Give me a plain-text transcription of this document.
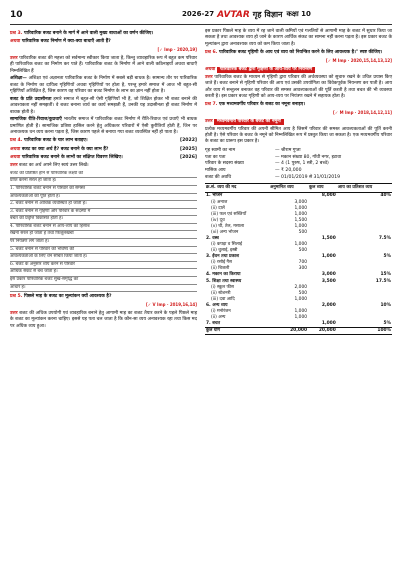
10	2026-27 AVTAR गृह विज्ञान कक्षा 10

प्रश्न 3. पारिवारिक बजट बनाने के मार्ग में आने वाली मुख्य बाधाओं का वर्णन कीजिए।

अथवा पारिवारिक बजट निर्माण में क्या-क्या बाधाएँ आती हैं?

[✓ Imp · 2020,19]

उत्तर पारिवारिक बजट की महत्ता को सर्वमान्य स्वीकार किया जाता है, किन्तु व्यावहारिक रूप में बहुत कम परिवार ही पारिवारिक बजट का निर्माण कर पाते हैं। पारिवारिक बजट के निर्माण में आने वाली कठिनाइयाँ अथवा बाधाएँ निम्नलिखित हैं

अशिक्षा— अशिक्षा एवं अज्ञानता पारिवारिक बजट के निर्माण में सबसे बड़ी बाधक है। सामान्य तौर पर पारिवारिक बजट के निर्माण का दायित्व गृहिणियों अथवा गृहिणियों पर होता है, परन्तु हमारे समाज में आज भी बहुत-सी गृहिणियाँ अशिक्षित हैं, जिस कारण वह परिवार का बजट निर्माण के लाभ का ज्ञान नहीं होता है।

बजट के प्रति उदासीनता हमारे समाज में बहुत-सी ऐसी गृहिणियाँ भी हैं, जो शिक्षित होकर भी बजट बनाने की आवश्यकता नहीं समझतीं। वे बजट बनाना व्यर्थ का कार्य समझती हैं, उनकी यह उदासीनता ही बजट निर्माण में बाधक होती है।

सामाजिक रीति-रिवाज/कुप्रथाएँ भारतीय समाज में पारिवारिक बजट निर्माण में रीति-रिवाज एवं प्रथाएँ भी बाधक प्रमाणित होती हैं। सामाजिक प्रतिष्ठा हासिल करने हेतु अधिकतर परिवारों में ऐसी कुरीतियाँ होती हैं, जिन पर अनावश्यक धन व्यय करना पड़ता है, जिस कारण पहले से बनाया गया बजट व्यवस्थित नहीं हो पाता है।

प्रश्न 4. पारिवारिक बजट के चार लाभ बताइए।	[2022]

अथवा बजट का क्या अर्थ है? बजट बनाने के क्या लाभ हैं?	[2025]

अथवा पारिवारिक बजट बनाने के लाभों का संक्षिप्त विवरण लिखिए।	[2026]

उत्तर बजट का अर्थ अपने लिए स्वयं उत्तर लिखें।

बजट की प्रतिष्ठित होने से पारिवारिक लक्ष्यों को
प्राप्त करना सरल हो जाता है।
1. पारिवारिक बजट बनाने से परिवार की समस्त
आवश्यकताओं की पूर्ति होती है।
2. बजट बनाने से आर्थिक व्यवस्थित हो जाती है।
3. बजट बनाने से गृहिणी और परिवार के सदस्यों में
बचत की प्रवृत्ति विकसित होती है।
4. पारिवारिक बजट बनाने से आय-व्यय का हिसाब
रखना सरल हो जाता है तथा फिजूलखर्ची
पर नियंत्रण लग जाता है।
5. बजट बनाने से परिवार की भविष्य की
आवश्यकताओं के लिए धन संचित किया जाता है।
6. बजट के अनुसार व्यय करने से परिवार
आर्थिक संकट से बच जाता है।
इस प्रकार पारिवारिक बजट सुख-समृद्धि का
आधार है।

प्रश्न 5. पिछले माह के बजट का मूल्यांकन क्यों आवश्यक है?

[✓ V Imp · 2019,16,14]

उत्तर बजट की अधिक उपयोगी एवं व्यवहारिक बनाने हेतु आगामी माह का बजट तैयार करने के पहले पिछले माह के बजट का मूल्यांकन करना चाहिए। इससे यह पता चल जाता है कि कौन-सा व्यय अनावश्यक रहा तथा किस मद पर अधिक व्यय हुआ।

इस प्रकार पिछले माह के व्यय में रह जाने वाली कमियों एवं गलतियों से आगामी माह के बजट में सुधार किया जा सकता है तथा आवश्यक व्यय हो जाने के कारण आर्थिक संकट का सामना नहीं करना पड़ता है। इस प्रकार बजट के मूल्यांकन द्वारा अनावश्यक व्यय को कम किया जाता है।

प्रश्न 6. पारिवारिक बजट गृहिणी के आय एवं व्यय को नियन्त्रित करने के लिए आवश्यक है।" स्पष्ट कीजिए।

[✓ M Imp · 2020,15,14,13,12]

अथवा पारिवारिक बजट द्वारा गृहिणी के आय-व्यय पर नियन्त्रण

उत्तर पारिवारिक बजट के माध्यम से गृहिणी द्वारा परिवार की अर्थव्यवस्था को सुचारु रखने के उचित प्रयास किए जाते हैं। बजट बनाने से गृहिणी परिवार की आय एवं उसकी उपयोगिता का विवेकपूर्वक नियन्त्रण कर पाती है। आय और व्यय में सन्तुलन बनाकर वह परिवार की समस्त आवश्यकताओं की पूर्ति करती है तथा बचत की भी व्यवस्था करती है। इस प्रकार बजट गृहिणी को आय-व्यय पर नियंत्रण रखने में सहायक होता है।

प्रश्न 7. एक मध्यमवर्गीय परिवार के बजट का नमूना बनाइए।

[✓ M Imp · 2018,14,12,11]

उत्तर मध्यमवर्गीय परिवार के बजट का नमूना

प्रत्येक मध्यमवर्गीय परिवार की अपनी सीमित आय है जिसमें परिवार की समस्त आवश्यकताओं की पूर्ति करनी होती है। ऐसे परिवार के बजट के नमूने को निम्नलिखित रूप में प्रस्तुत किया जा सकता है। एक मध्यमवर्गीय परिवार के बजट का प्रारूप इस प्रकार है।

गृह स्वामी का नाम	— श्रीराम गुप्ता
पता का पता	— मकान संख्या 80, गाँधी नगर, इटावा
परिवार के सदस्य संख्या	— 4 (1 पुरुष, 1 स्त्री, 2 बच्चे)
मासिक आय	— ₹ 20,000
बजट की अवधि	— 01/01/2019 से 31/01/2019
क्र.सं. व्यय की मद	अनुमानित व्यय	कुल व्यय	आय का प्रतिशत व्यय
1. भोजन		8,000	40%
(i) अनाज	3,000		
(ii) दालें	1,000		
(iii) फल एवं सब्जियाँ	1,000		
(iv) दूध	1,500		
(v) घी, तेल, मसाला	1,000		
(vi) अन्य भोजन	500		
2. वस्त्र		1,500	7.5%
(i) कपड़ा व सिलाई	1,000		
(ii) धुलाई, इस्त्री	500		
3. ईंधन तथा प्रकाश		1,000	5%
(i) रसोई गैस	700		
(ii) बिजली	300		
4. मकान का किराया		3,000	15%
5. शिक्षा तथा स्वास्थ्य		3,500	17.5%
(i) स्कूल फीस	2,000		
(ii) स्टेशनरी	500		
(iii) दवा आदि	1,000		
6. अन्य व्यय		2,000	10%
(i) मनोरंजन	1,000		
(ii) अन्य	1,000		
7. बचत		1,000	5%
कुल योग	20,000	20,000	100%
